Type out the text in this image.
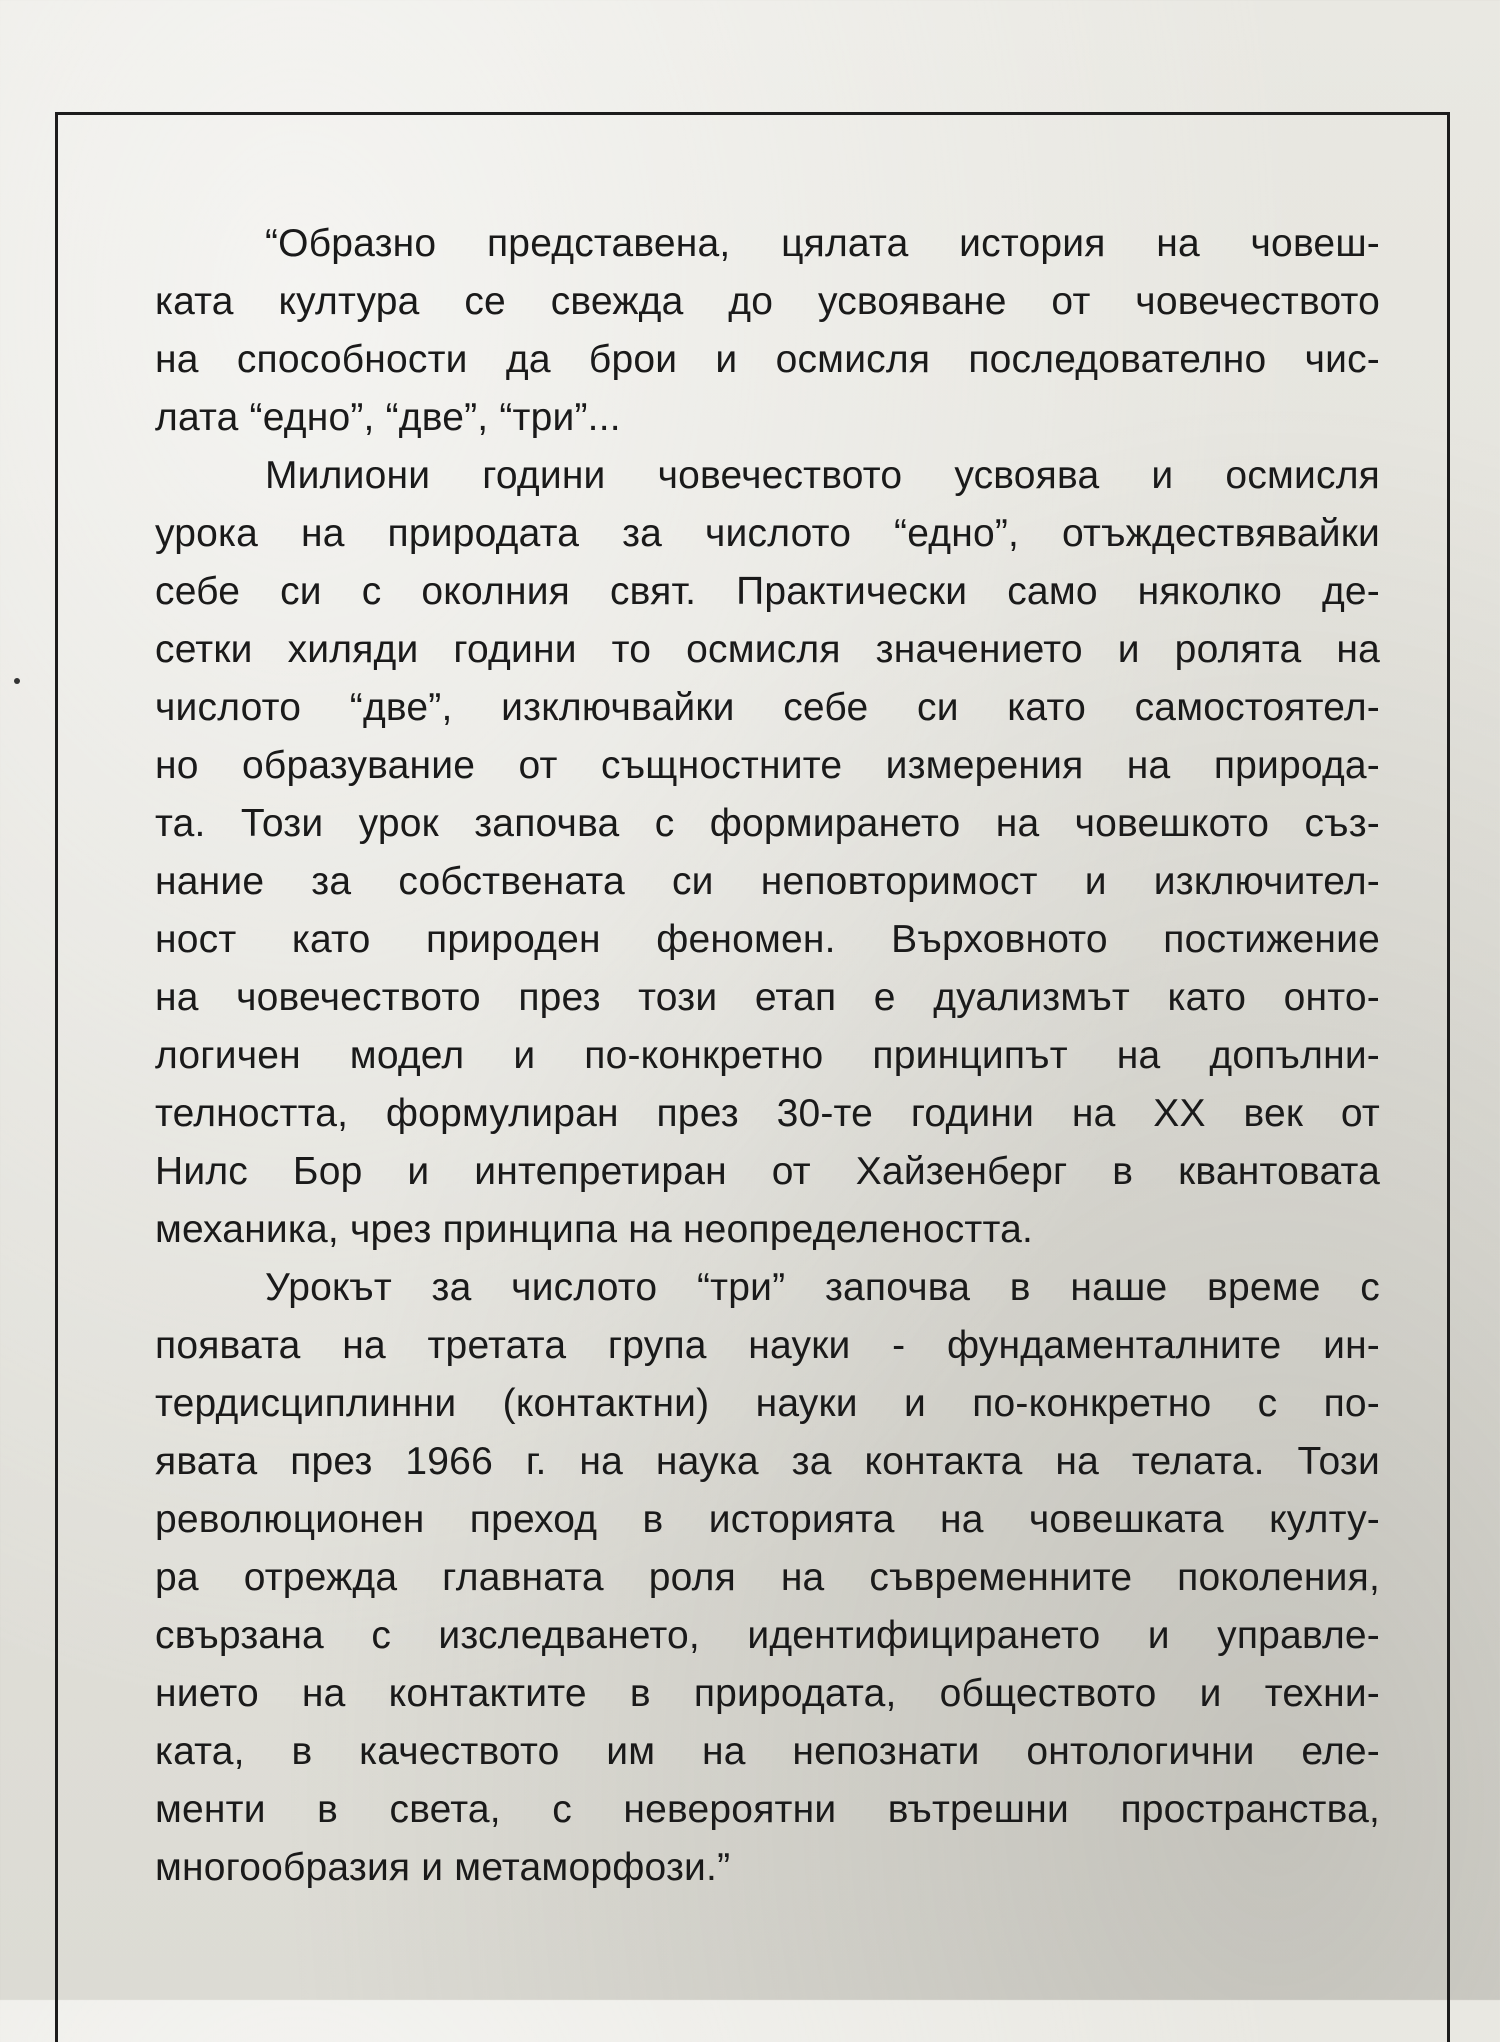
“Образно представена, цялата история на човеш-
ката култура се свежда до усвояване от човечеството
на способности да брои и осмисля последователно чис-
лата “едно”, “две”, “три”...
Милиони години човечеството усвоява и осмисля
урока на природата за числото “едно”, отъждествявайки
себе си с околния свят. Практически само няколко де-
сетки хиляди години то осмисля значението и ролята на
числото “две”, изключвайки себе си като самостоятел-
но образувание от същностните измерения на природа-
та. Този урок започва с формирането на човешкото съз-
нание за собствената си неповторимост и изключител-
ност като природен феномен. Върховното постижение
на човечеството през този етап е дуализмът като онто-
логичен модел и по-конкретно принципът на допълни-
телността, формулиран през 30-те години на XX век от
Нилс Бор и интепретиран от Хайзенберг в квантовата
механика, чрез принципа на неопределеността.
Урокът за числото “три” започва в наше време с
появата на третата група науки - фундаменталните ин-
тердисциплинни (контактни) науки и по-конкретно с по-
явата през 1966 г. на наука за контакта на телата. Този
революционен преход в историята на човешката култу-
ра отрежда главната роля на съвременните поколения,
свързана с изследването, идентифицирането и управле-
нието на контактите в природата, обществото и техни-
ката, в качеството им на непознати онтологични еле-
менти в света, с невероятни вътрешни пространства,
многообразия и метаморфози.”
